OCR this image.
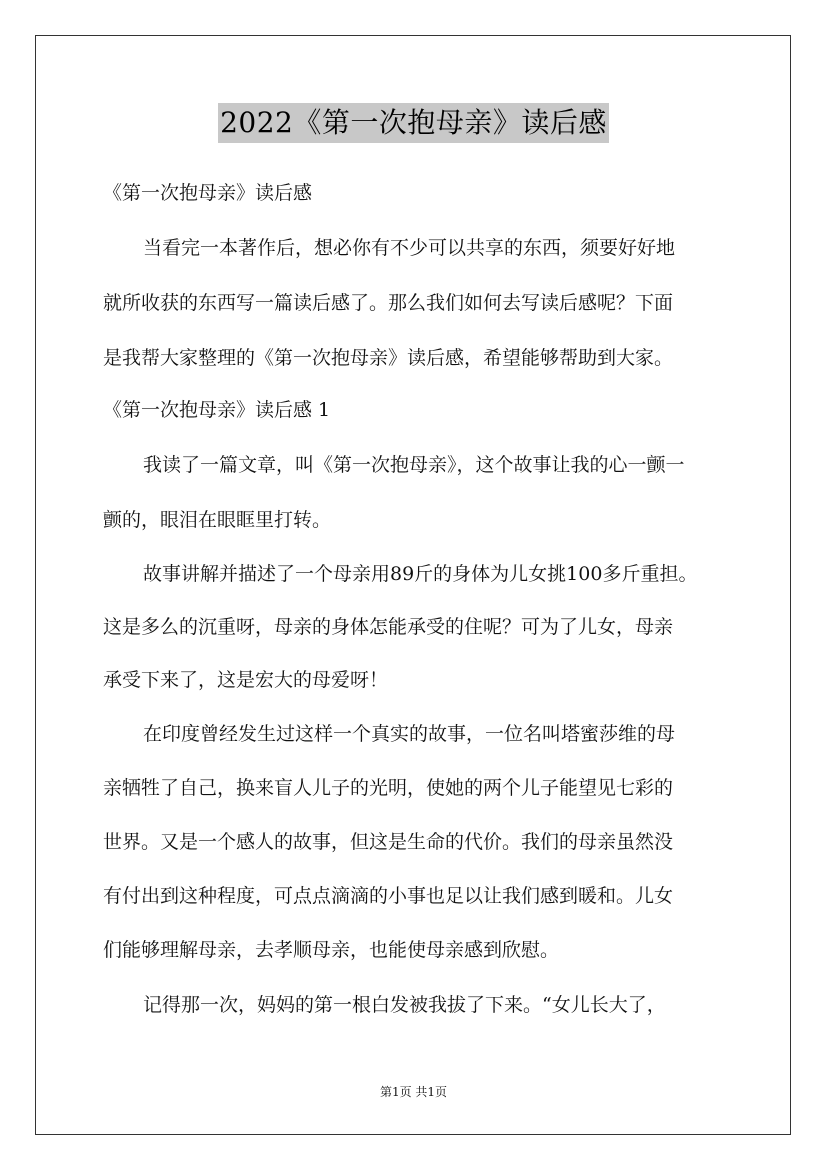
2022《第一次抱母亲》读后感
《第一次抱母亲》读后感
当看完一本著作后，想必你有不少可以共享的东西，须要好好地
就所收获的东西写一篇读后感了。那么我们如何去写读后感呢？下面
是我帮大家整理的《第一次抱母亲》读后感，希望能够帮助到大家。
《第一次抱母亲》读后感 1
我读了一篇文章，叫《第一次抱母亲》，这个故事让我的心一颤一
颤的，眼泪在眼眶里打转。
故事讲解并描述了一个母亲用89斤的身体为儿女挑100多斤重担。
这是多么的沉重呀，母亲的身体怎能承受的住呢？可为了儿女，母亲
承受下来了，这是宏大的母爱呀！
在印度曾经发生过这样一个真实的故事，一位名叫塔蜜莎维的母
亲牺牲了自己，换来盲人儿子的光明，使她的两个儿子能望见七彩的
世界。又是一个感人的故事，但这是生命的代价。我们的母亲虽然没
有付出到这种程度，可点点滴滴的小事也足以让我们感到暖和。儿女
们能够理解母亲，去孝顺母亲，也能使母亲感到欣慰。
记得那一次，妈妈的第一根白发被我拔了下来。“女儿长大了，
第1页 共1页
